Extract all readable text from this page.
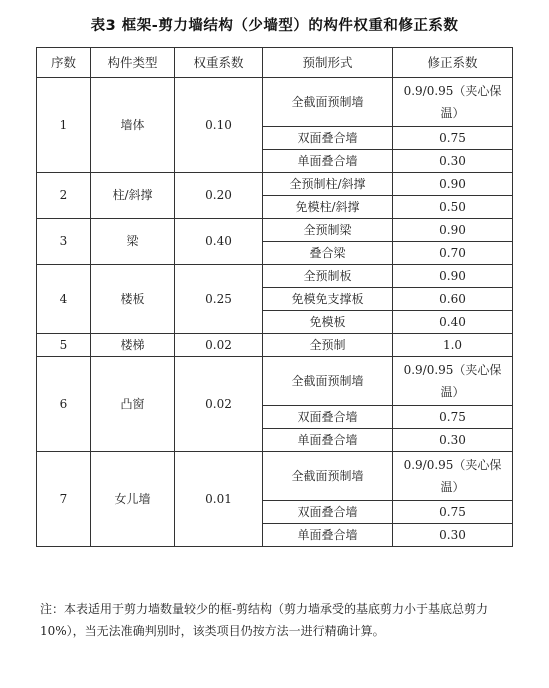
表3 框架-剪力墙结构（少墙型）的构件权重和修正系数
序数	构件类型	权重系数	预制形式	修正系数
1	墙体	0.10	全截面预制墙	0.9/0.95（夹心保温）
			双面叠合墙	0.75
			单面叠合墙	0.30
2	柱/斜撑	0.20	全预制柱/斜撑	0.90
			免模柱/斜撑	0.50
3	梁	0.40	全预制梁	0.90
			叠合梁	0.70
4	楼板	0.25	全预制板	0.90
			免模免支撑板	0.60
			免模板	0.40
5	楼梯	0.02	全预制	1.0
6	凸窗	0.02	全截面预制墙	0.9/0.95（夹心保温）
			双面叠合墙	0.75
			单面叠合墙	0.30
7	女儿墙	0.01	全截面预制墙	0.9/0.95（夹心保温）
			双面叠合墙	0.75
			单面叠合墙	0.30
注：本表适用于剪力墙数量较少的框-剪结构（剪力墙承受的基底剪力小于基底总剪力10%），当无法准确判别时，该类项目仍按方法一进行精确计算。
